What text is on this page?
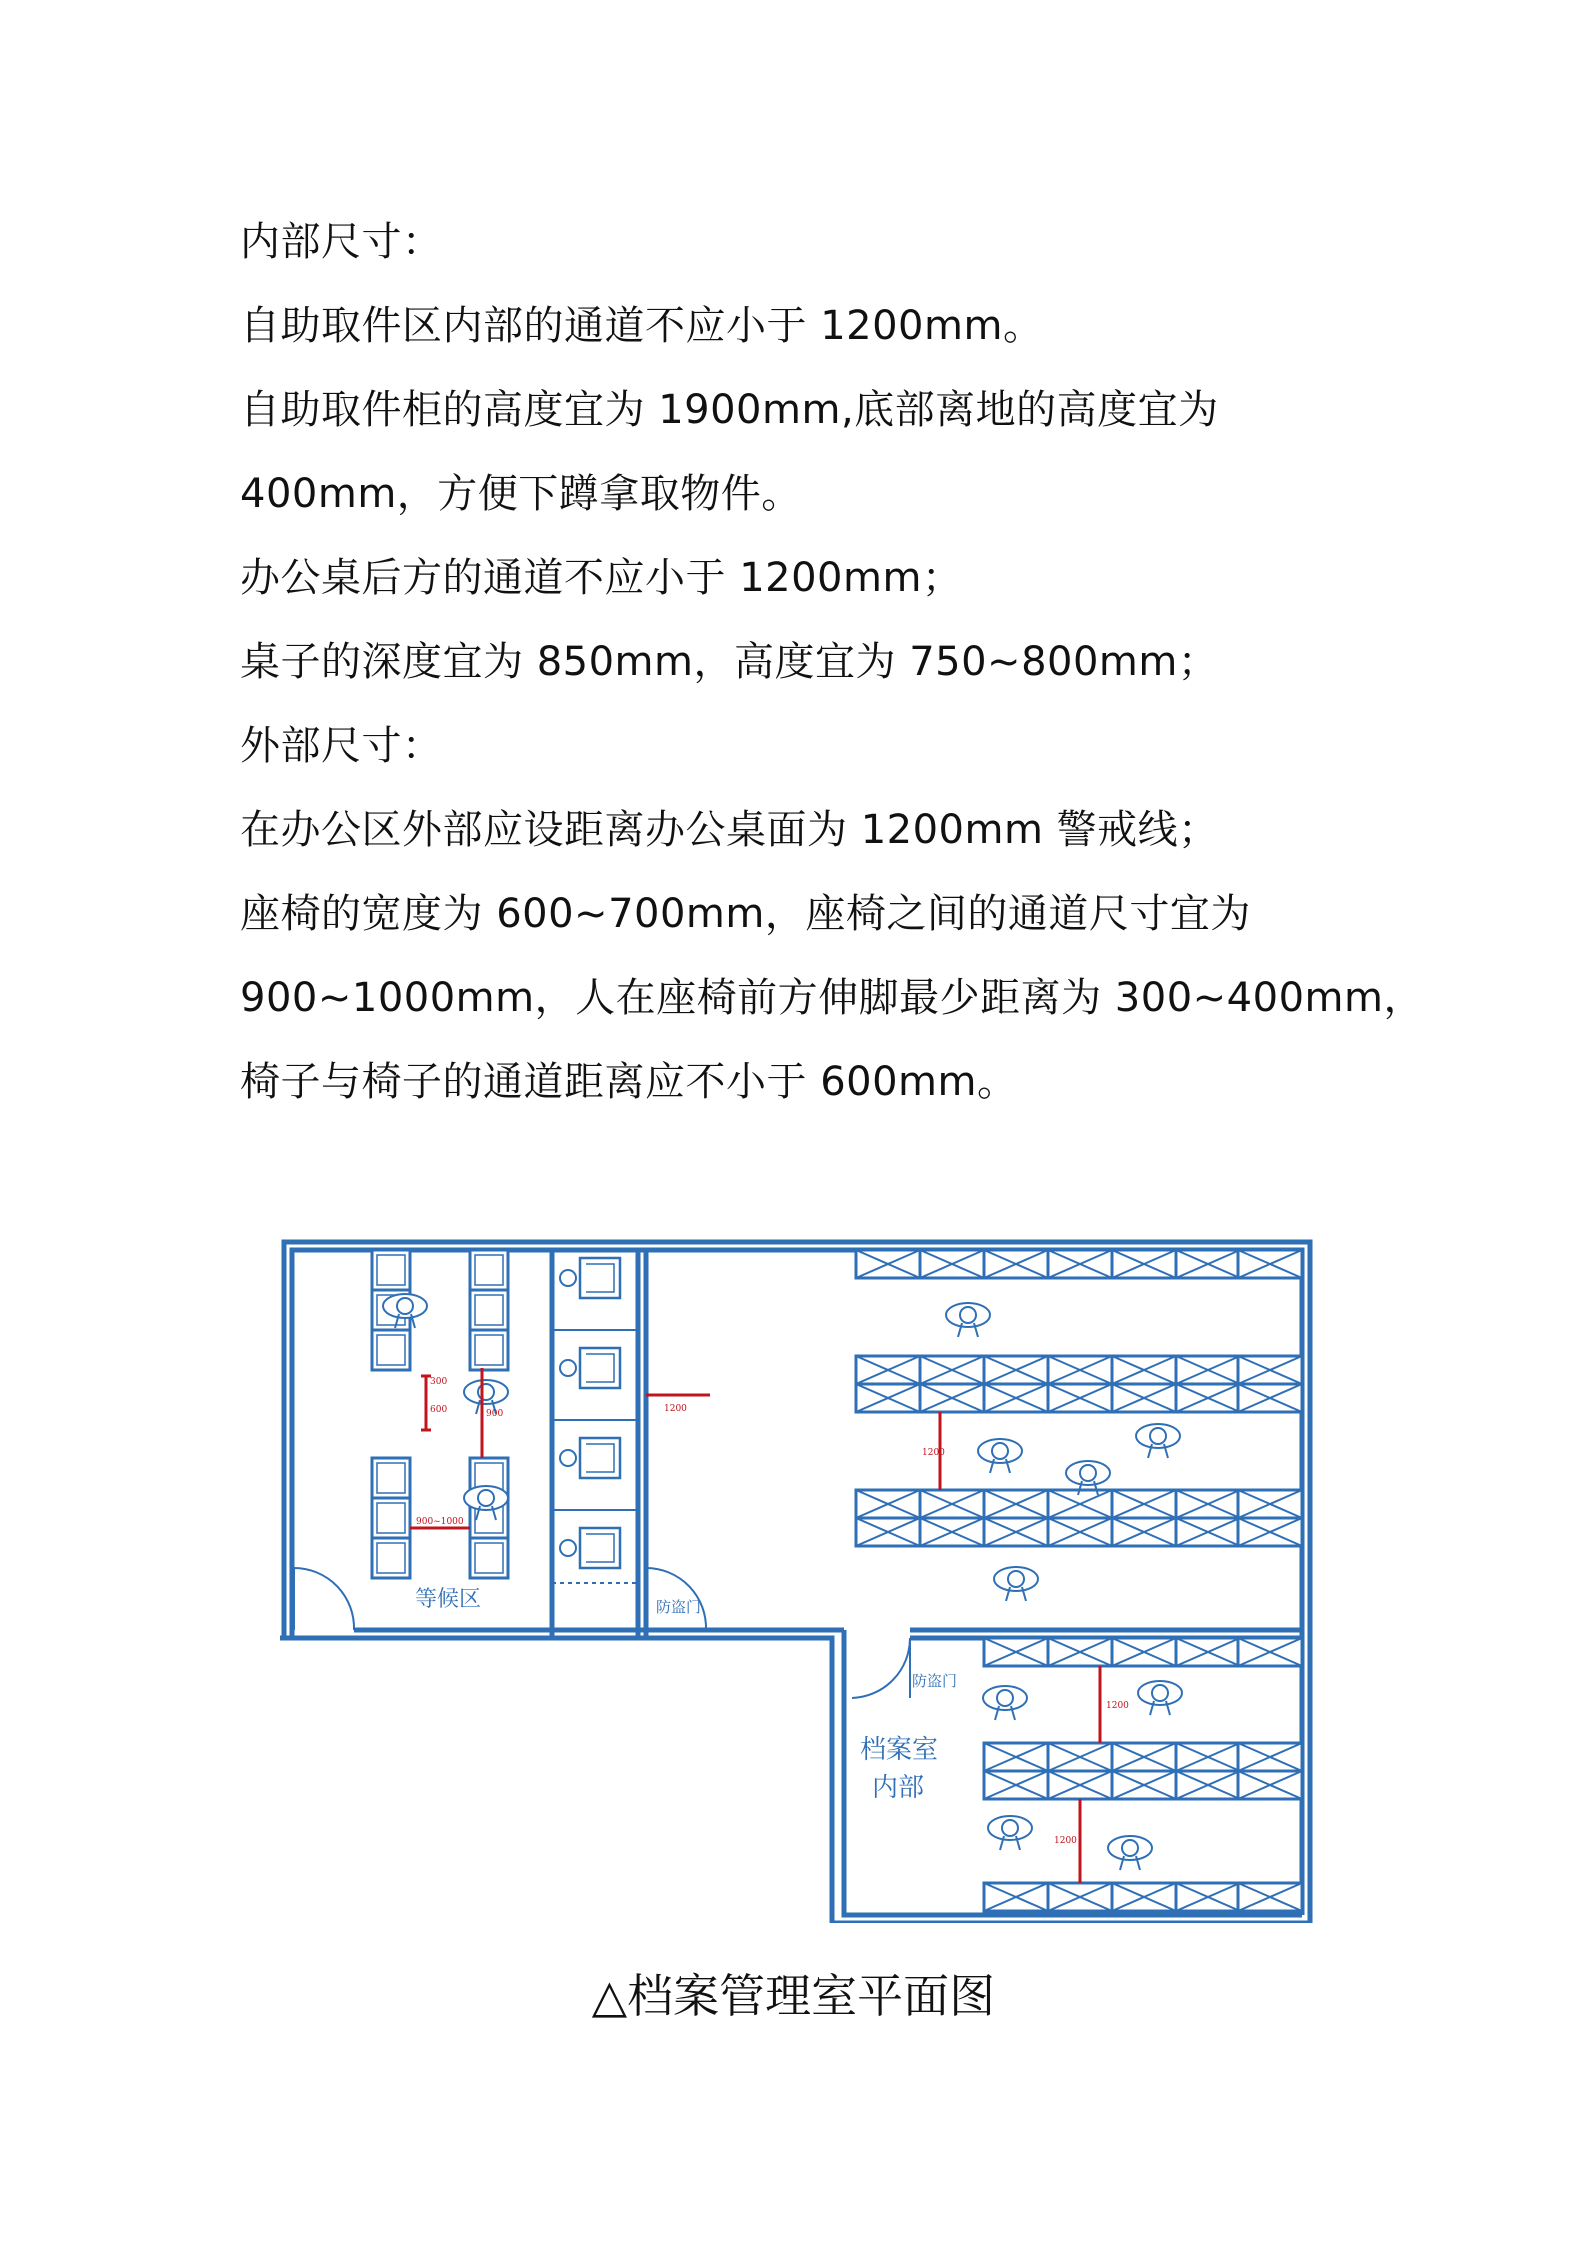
内部尺寸：
自助取件区内部的通道不应小于 1200mm。
自助取件柜的高度宜为 1900mm,底部离地的高度宜为
400mm，方便下蹲拿取物件。
办公桌后方的通道不应小于 1200mm；
桌子的深度宜为 850mm，高度宜为 750~800mm；
外部尺寸：
在办公区外部应设距离办公桌面为 1200mm 警戒线；
座椅的宽度为 600~700mm，座椅之间的通道尺寸宜为
900~1000mm，人在座椅前方伸脚最少距离为 300~400mm，
椅子与椅子的通道距离应不小于 600mm。
300
600	900
900~1000
1200
1200
1200
1200
等候区	防盗门
防盗门
档案室
内部
△档案管理室平面图
